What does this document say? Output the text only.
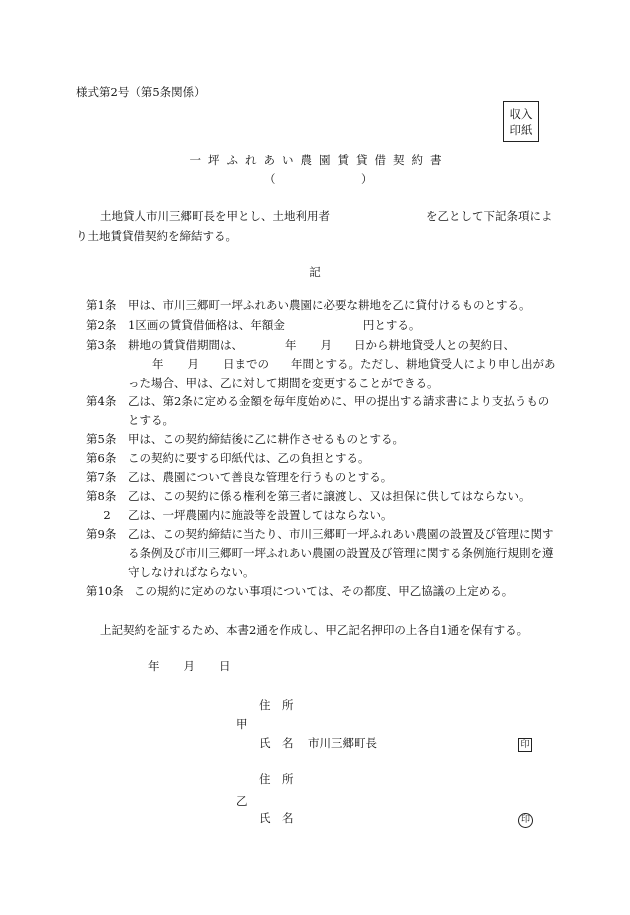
様式第2号（第5条関係）
収入
印紙
一坪ふれあい農園賃貸借契約書
（	）
土地貸人市川三郷町長を甲とし、土地利用者	を乙として下記条項により土地賃貸借契約を締結する。
記
第1条	甲は、市川三郷町一坪ふれあい農園に必要な耕地を乙に貸付けるものとする。
第2条	1区画の賃貸借価格は、年額金	円とする。
第3条	耕地の賃貸借期間は、	年 月 日から耕地貸受人との契約日、
年 月 日までの 年間とする。ただし、耕地貸受人により申し出があった場合、甲は、乙に対して期間を変更することができる。
第4条	乙は、第2条に定める金額を毎年度始めに、甲の提出する請求書により支払うものとする。
第5条	甲は、この契約締結後に乙に耕作させるものとする。
第6条	この契約に要する印紙代は、乙の負担とする。
第7条	乙は、農園について善良な管理を行うものとする。
第8条	乙は、この契約に係る権利を第三者に譲渡し、又は担保に供してはならない。
2	乙は、一坪農園内に施設等を設置してはならない。
第9条	乙は、この契約締結に当たり、市川三郷町一坪ふれあい農園の設置及び管理に関する条例及び市川三郷町一坪ふれあい農園の設置及び管理に関する条例施行規則を遵守しなければならない。
第10条 この規約に定めのない事項については、その都度、甲乙協議の上定める。
上記契約を証するため、本書2通を作成し、甲乙記名押印の上各自1通を保有する。
年 月 日
住　所
甲
氏　名 市川三郷町長	印
住　所
乙
氏　名	印
